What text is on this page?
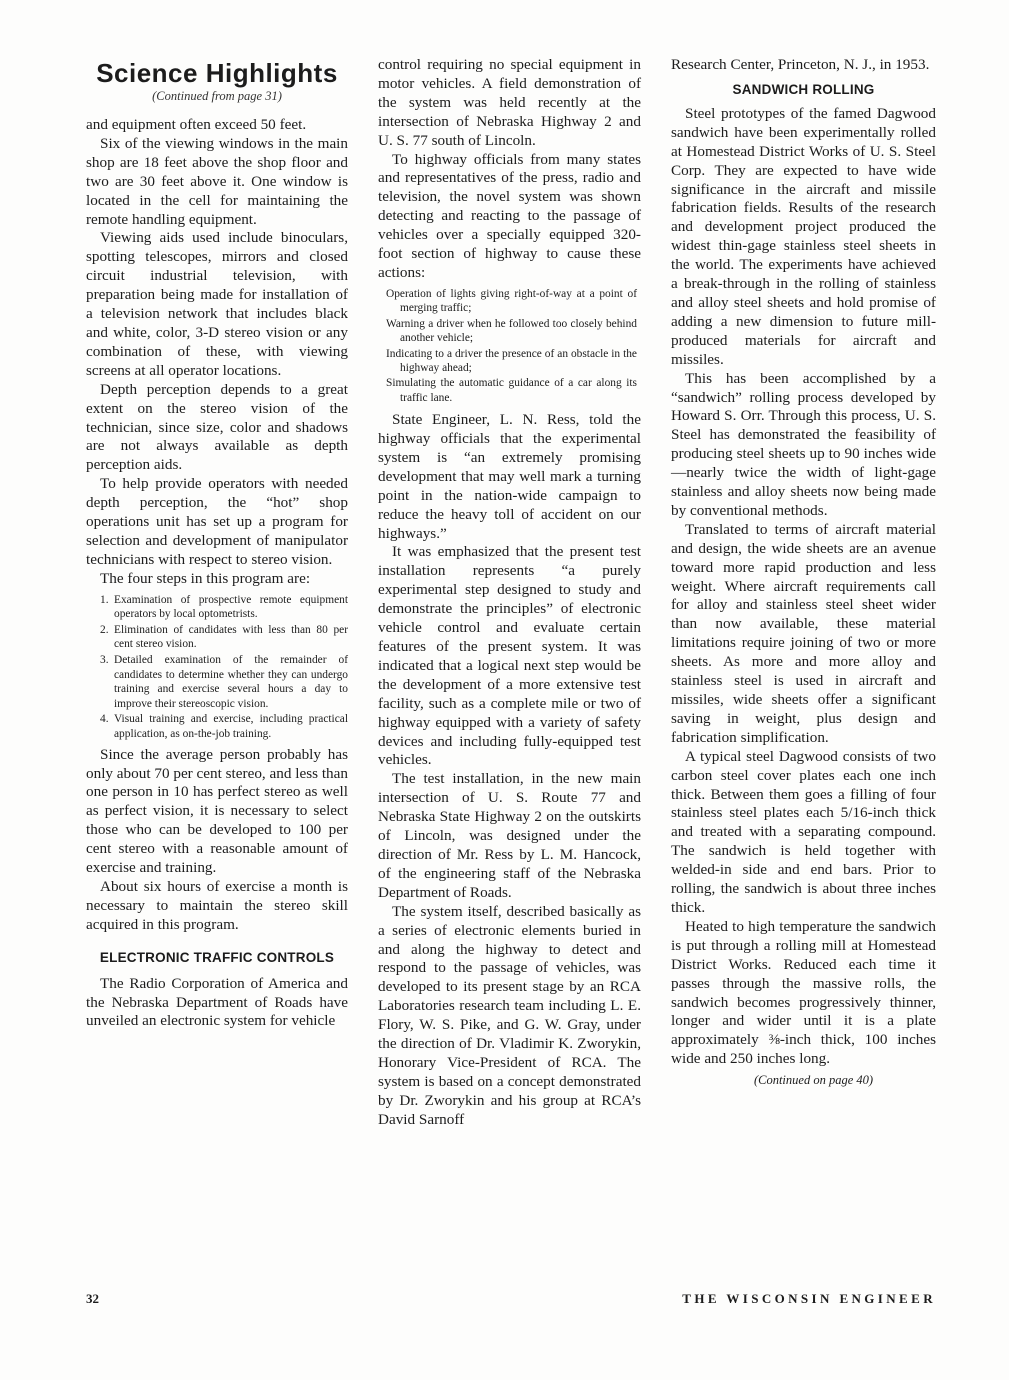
Science Highlights
(Continued from page 31)

and equipment often exceed 50 feet.

Six of the viewing windows in the main shop are 18 feet above the shop floor and two are 30 feet above it. One window is located in the cell for maintaining the remote handling equipment.

Viewing aids used include binoculars, spotting telescopes, mirrors and closed circuit industrial television, with preparation being made for installation of a television network that includes black and white, color, 3-D stereo vision or any combination of these, with viewing screens at all operator locations.

Depth perception depends to a great extent on the stereo vision of the technician, since size, color and shadows are not always available as depth perception aids.

To help provide operators with needed depth perception, the “hot” shop operations unit has set up a program for selection and development of manipulator technicians with respect to stereo vision.

The four steps in this program are:

1. Examination of prospective remote equipment operators by local optometrists.
2. Elimination of candidates with less than 80 per cent stereo vision.
3. Detailed examination of the remainder of candidates to determine whether they can undergo training and exercise several hours a day to improve their stereoscopic vision.
4. Visual training and exercise, including practical application, as on-the-job training.

Since the average person probably has only about 70 per cent stereo, and less than one person in 10 has perfect stereo as well as perfect vision, it is necessary to select those who can be developed to 100 per cent stereo with a reasonable amount of exercise and training.

About six hours of exercise a month is necessary to maintain the stereo skill acquired in this program.

ELECTRONIC TRAFFIC CONTROLS

The Radio Corporation of America and the Nebraska Department of Roads have unveiled an electronic system for vehicle

control requiring no special equipment in motor vehicles. A field demonstration of the system was held recently at the intersection of Nebraska Highway 2 and U. S. 77 south of Lincoln.

To highway officials from many states and representatives of the press, radio and television, the novel system was shown detecting and reacting to the passage of vehicles over a specially equipped 320-foot section of highway to cause these actions:

Operation of lights giving right-of-way at a point of merging traffic;
Warning a driver when he followed too closely behind another vehicle;
Indicating to a driver the presence of an obstacle in the highway ahead;
Simulating the automatic guidance of a car along its traffic lane.

State Engineer, L. N. Ress, told the highway officials that the experimental system is “an extremely promising development that may well mark a turning point in the nation-wide campaign to reduce the heavy toll of accident on our highways.”

It was emphasized that the present test installation represents “a purely experimental step designed to study and demonstrate the principles” of electronic vehicle control and evaluate certain features of the present system. It was indicated that a logical next step would be the development of a more extensive test facility, such as a complete mile or two of highway equipped with a variety of safety devices and including fully-equipped test vehicles.

The test installation, in the new main intersection of U. S. Route 77 and Nebraska State Highway 2 on the outskirts of Lincoln, was designed under the direction of Mr. Ress by L. M. Hancock, of the engineering staff of the Nebraska Department of Roads.

The system itself, described basically as a series of electronic elements buried in and along the highway to detect and respond to the passage of vehicles, was developed to its present stage by an RCA Laboratories research team including L. E. Flory, W. S. Pike, and G. W. Gray, under the direction of Dr. Vladimir K. Zworykin, Honorary Vice-President of RCA. The system is based on a concept demonstrated by Dr. Zworykin and his group at RCA’s David Sarnoff

Research Center, Princeton, N. J., in 1953.

SANDWICH ROLLING

Steel prototypes of the famed Dagwood sandwich have been experimentally rolled at Homestead District Works of U. S. Steel Corp. They are expected to have wide significance in the aircraft and missile fabrication fields. Results of the research and development project produced the widest thin-gage stainless steel sheets in the world. The experiments have achieved a break-through in the rolling of stainless and alloy steel sheets and hold promise of adding a new dimension to future mill-produced materials for aircraft and missiles.

This has been accomplished by a “sandwich” rolling process developed by Howard S. Orr. Through this process, U. S. Steel has demonstrated the feasibility of producing steel sheets up to 90 inches wide—nearly twice the width of light-gage stainless and alloy sheets now being made by conventional methods.

Translated to terms of aircraft material and design, the wide sheets are an avenue toward more rapid production and less weight. Where aircraft requirements call for alloy and stainless steel sheet wider than now available, these material limitations require joining of two or more sheets. As more and more alloy and stainless steel is used in aircraft and missiles, wide sheets offer a significant saving in weight, plus design and fabrication simplification.

A typical steel Dagwood consists of two carbon steel cover plates each one inch thick. Between them goes a filling of four stainless steel plates each 5/16-inch thick and treated with a separating compound. The sandwich is held together with welded-in side and end bars. Prior to rolling, the sandwich is about three inches thick.

Heated to high temperature the sandwich is put through a rolling mill at Homestead District Works. Reduced each time it passes through the massive rolls, the sandwich becomes progressively thinner, longer and wider until it is a plate approximately ⅜-inch thick, 100 inches wide and 250 inches long.

(Continued on page 40)
32	THE WISCONSIN ENGINEER
